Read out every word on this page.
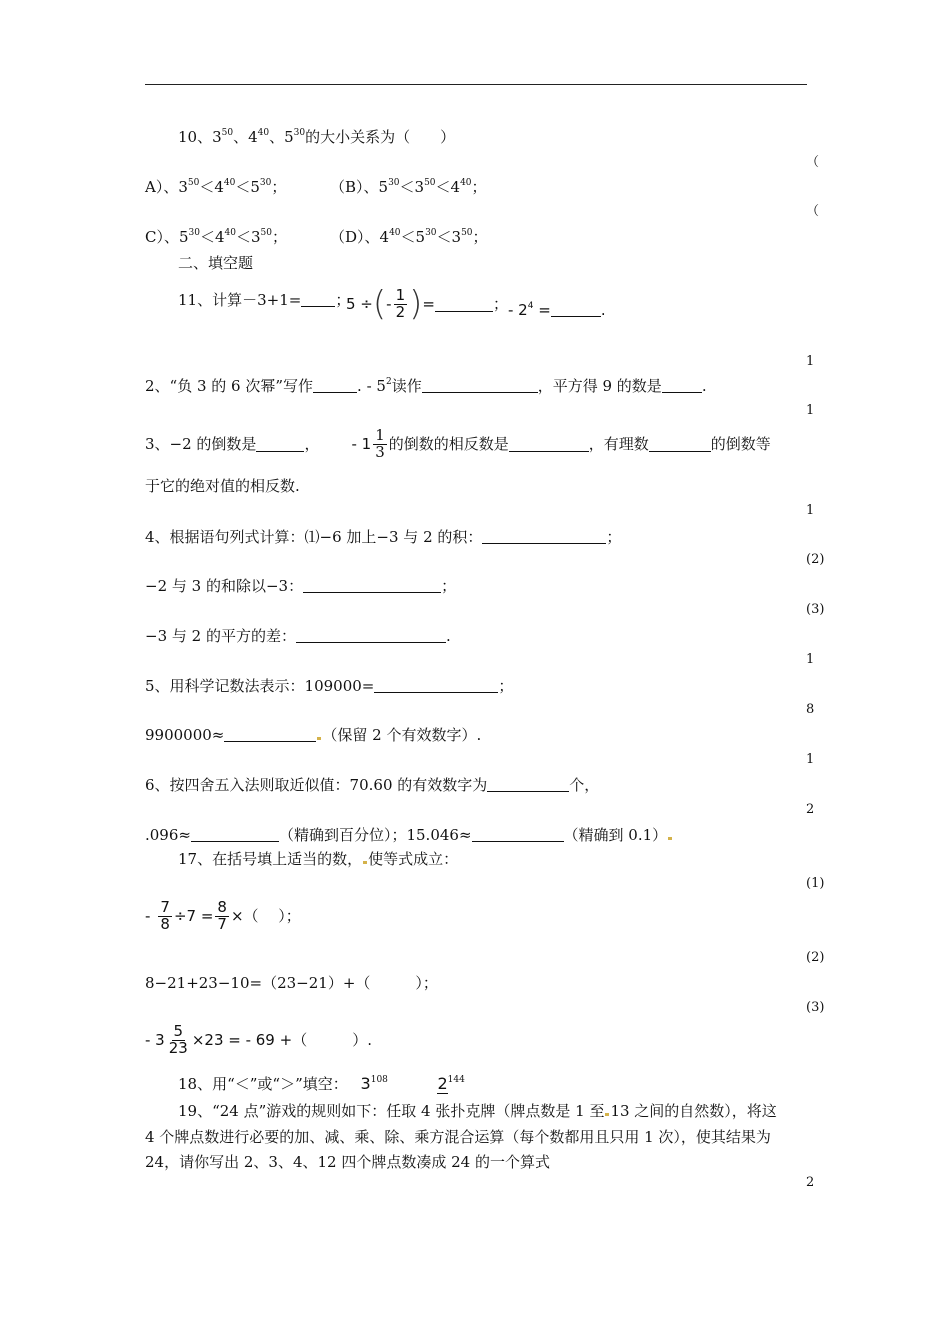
10、$3^{50}$、$4^{40}$、$5^{30}$的大小关系为（　　）
A）、$3^{50}<4^{40}<5^{30}$；	（B）、$5^{30}<3^{50}<4^{40}$；
C）、$5^{30}<4^{40}<3^{50}$；	（D）、$4^{40}<5^{30}<3^{50}$；
二、填空题
11、计算－3+1= ；
5 ÷ ( - $\frac{1}{2}$ ) =	； - $2^4$ =	.
2、“负 3 的 6 次幂”写作	. - $5^2$读作	，平方得 9 的数是	.
3、−2 的倒数是	， - $1 \frac{1}{3}$ 的倒数的相反数是	，有理数	的倒数等
于它的绝对值的相反数.
4、根据语句列式计算：⑴−6 加上−3 与 2 的积：	；
−2 与 3 的和除以−3：	；
−3 与 2 的平方的差：	.
5、用科学记数法表示：109000=	；
9900000≈	（保留 2 个有效数字）.
6、按四舍五入法则取近似值：70.60 的有效数字为	个，
.096≈	（精确到百分位）；15.046≈	（精确到 0.1）
17、在括号填上适当的数， 使等式成立：
- $\frac{7}{8} \div 7 = \frac{8}{7}$ ×（　 ）；
8−21+23−10=（23−21）+（　　　）；
- $3 \frac{5}{23} \times 23$ = - 69 +（　　　）.
18、用“＜”或“＞”填空： $3^{108}$	$2^{144}$
19、“24 点”游戏的规则如下：任取 4 张扑克牌（牌点数是 1 至 13 之间的自然数），将这
4 个牌点数进行必要的加、减、乘、除、乘方混合运算（每个数都用且只用 1 次），使其结果为
24，请你写出 2、3、4、12 四个牌点数凑成 24 的一个算式
（
（
1
1
1
(2)
(3)
1
8
1
2
(1)
(2)
(3)
2
